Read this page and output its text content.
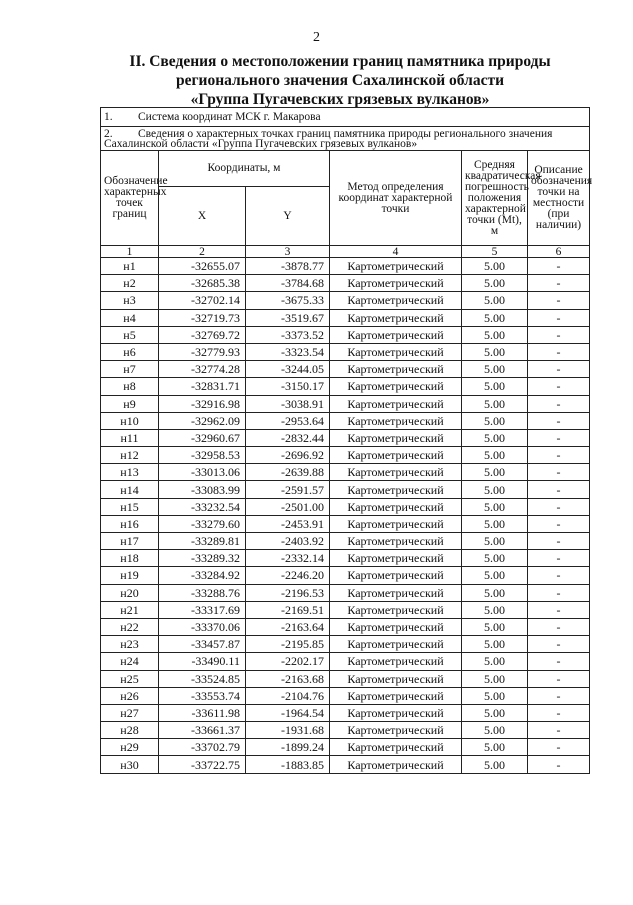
2
II. Сведения о местоположении границ памятника природы
регионального значения Сахалинской области
«Группа Пугачевских грязевых вулканов»
1. Система координат МСК г. Макарова					
2. Сведения о характерных точках границ памятника природы регионального значения Сахалинской области «Группа Пугачевских грязевых вулканов»					
Обозначение характерных точек границ	Координаты, м		Метод определения координат характерной точки	Средняя квадратическая погрешность положения характерной точки (Mt), м	Описание обозначения точки на местности (при наличии)
	X	Y			
1	2	3	4	5	6
н1	-32655.07	-3878.77	Картометрический	5.00	-
н2	-32685.38	-3784.68	Картометрический	5.00	-
н3	-32702.14	-3675.33	Картометрический	5.00	-
н4	-32719.73	-3519.67	Картометрический	5.00	-
н5	-32769.72	-3373.52	Картометрический	5.00	-
н6	-32779.93	-3323.54	Картометрический	5.00	-
н7	-32774.28	-3244.05	Картометрический	5.00	-
н8	-32831.71	-3150.17	Картометрический	5.00	-
н9	-32916.98	-3038.91	Картометрический	5.00	-
н10	-32962.09	-2953.64	Картометрический	5.00	-
н11	-32960.67	-2832.44	Картометрический	5.00	-
н12	-32958.53	-2696.92	Картометрический	5.00	-
н13	-33013.06	-2639.88	Картометрический	5.00	-
н14	-33083.99	-2591.57	Картометрический	5.00	-
н15	-33232.54	-2501.00	Картометрический	5.00	-
н16	-33279.60	-2453.91	Картометрический	5.00	-
н17	-33289.81	-2403.92	Картометрический	5.00	-
н18	-33289.32	-2332.14	Картометрический	5.00	-
н19	-33284.92	-2246.20	Картометрический	5.00	-
н20	-33288.76	-2196.53	Картометрический	5.00	-
н21	-33317.69	-2169.51	Картометрический	5.00	-
н22	-33370.06	-2163.64	Картометрический	5.00	-
н23	-33457.87	-2195.85	Картометрический	5.00	-
н24	-33490.11	-2202.17	Картометрический	5.00	-
н25	-33524.85	-2163.68	Картометрический	5.00	-
н26	-33553.74	-2104.76	Картометрический	5.00	-
н27	-33611.98	-1964.54	Картометрический	5.00	-
н28	-33661.37	-1931.68	Картометрический	5.00	-
н29	-33702.79	-1899.24	Картометрический	5.00	-
н30	-33722.75	-1883.85	Картометрический	5.00	-
